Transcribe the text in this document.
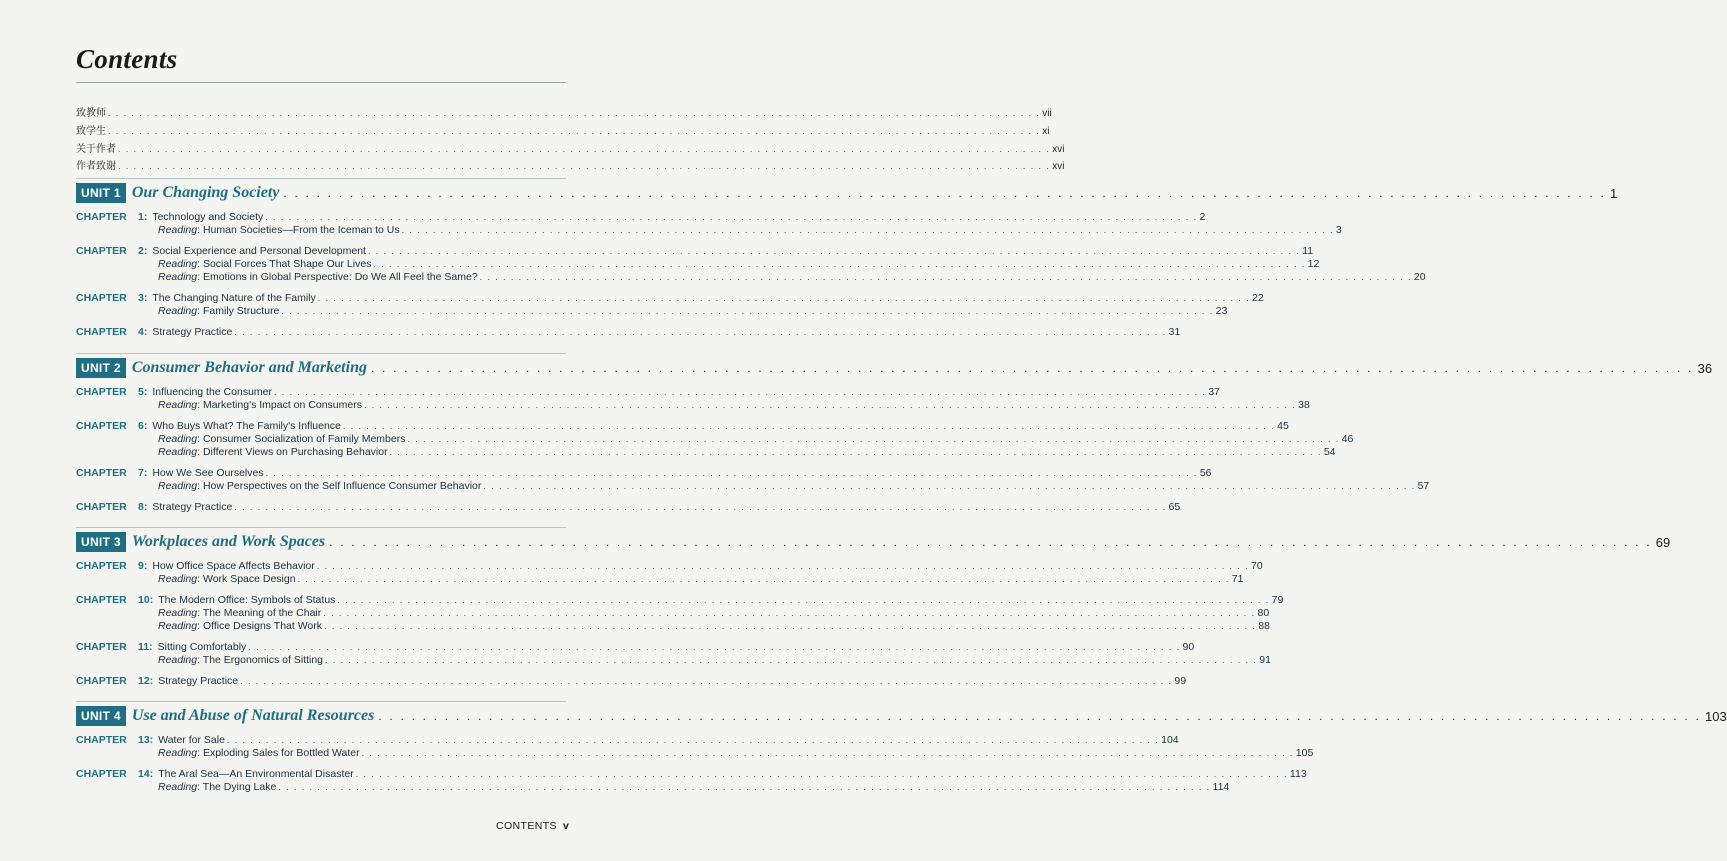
Contents
致教师 . . . . . . . . . . . . . . . . . . . . . . . . . . . . . . . . . . . . . . . . . . . . . . . . . . . . . . . . . . . . . . . . . . . . . . . . . . . . . . . . . . . . . . . . . . . . . . . . . . . . . . . . . . . . . . . . . . . . . . . . vii
致学生 . . . . . . . . . . . . . . . . . . . . . . . . . . . . . . . . . . . . . . . . . . . . . . . . . . . . . . . . . . . . . . . . . . . . . . . . . . . . . . . . . . . . . . . . . . . . . . . . . . . . . . . . . . . . . . . . . . . . . . . . xi
关于作者 . . . . . . . . . . . . . . . . . . . . . . . . . . . . . . . . . . . . . . . . . . . . . . . . . . . . . . . . . . . . . . . . . . . . . . . . . . . . . . . . . . . . . . . . . . . . . . . . . . . . . . . . . . . . . . . . . . . . . . . . xvi
作者致谢 . . . . . . . . . . . . . . . . . . . . . . . . . . . . . . . . . . . . . . . . . . . . . . . . . . . . . . . . . . . . . . . . . . . . . . . . . . . . . . . . . . . . . . . . . . . . . . . . . . . . . . . . . . . . . . . . . . . . . . . . xvi
UNIT 1 Our Changing Society . . . . . . . . . . . . . . . . . . . . . . . . . . . . . . . . . . . . . . . . . . . . . . . . . . . . . . . . . . . . . . . . . . . . . . . . . . . . . . . . . . . . . . . . . . . . . . . . . . . . . . . . . . . . . . . . . . . . . . . . 1
CHAPTER 1: Technology and Society . . . . . . . . . . . . . . . . . . . . . . . . . . . . . . . . . . . . . . . . . . . . . . . . . . . . . . . . . . . . . . . . . . . . . . . . . . . . . . . . . . . . . . . . . . . . . . . . . . . . . . . . . . . . . . . . . . . . . . . . 2
Reading: Human Societies—From the Iceman to Us . . . . . . . . . . . . . . . . . . . . . . . . . . . . . . . . . . . . . . . . . . . . . . . . . . . . . . . . . . . . . . . . . . . . . . . . . . . . . . . . . . . . . . . . . . . . . . . . . . . . . . . . . . . . . . . . . . . . . . . . 3
CHAPTER 2: Social Experience and Personal Development . . . . . . . . . . . . . . . . . . . . . . . . . . . . . . . . . . . . . . . . . . . . . . . . . . . . . . . . . . . . . . . . . . . . . . . . . . . . . . . . . . . . . . . . . . . . . . . . . . . . . . . . . . . . . . . . . . . . . . . . 11
Reading: Social Forces That Shape Our Lives . . . . . . . . . . . . . . . . . . . . . . . . . . . . . . . . . . . . . . . . . . . . . . . . . . . . . . . . . . . . . . . . . . . . . . . . . . . . . . . . . . . . . . . . . . . . . . . . . . . . . . . . . . . . . . . . . . . . . . . . 12
Reading: Emotions in Global Perspective: Do We All Feel the Same? . . . . . . . . . . . . . . . . . . . . . . . . . . . . . . . . . . . . . . . . . . . . . . . . . . . . . . . . . . . . . . . . . . . . . . . . . . . . . . . . . . . . . . . . . . . . . . . . . . . . . . . . . . . . . . . . . . . . . . . . 20
CHAPTER 3: The Changing Nature of the Family . . . . . . . . . . . . . . . . . . . . . . . . . . . . . . . . . . . . . . . . . . . . . . . . . . . . . . . . . . . . . . . . . . . . . . . . . . . . . . . . . . . . . . . . . . . . . . . . . . . . . . . . . . . . . . . . . . . . . . . . 22
Reading: Family Structure . . . . . . . . . . . . . . . . . . . . . . . . . . . . . . . . . . . . . . . . . . . . . . . . . . . . . . . . . . . . . . . . . . . . . . . . . . . . . . . . . . . . . . . . . . . . . . . . . . . . . . . . . . . . . . . . . . . . . . . . 23
CHAPTER 4: Strategy Practice . . . . . . . . . . . . . . . . . . . . . . . . . . . . . . . . . . . . . . . . . . . . . . . . . . . . . . . . . . . . . . . . . . . . . . . . . . . . . . . . . . . . . . . . . . . . . . . . . . . . . . . . . . . . . . . . . . . . . . . . 31
UNIT 2 Consumer Behavior and Marketing . . . . . . . . . . . . . . . . . . . . . . . . . . . . . . . . . . . . . . . . . . . . . . . . . . . . . . . . . . . . . . . . . . . . . . . . . . . . . . . . . . . . . . . . . . . . . . . . . . . . . . . . . . . . . . . . . . . . . . . . 36
CHAPTER 5: Influencing the Consumer . . . . . . . . . . . . . . . . . . . . . . . . . . . . . . . . . . . . . . . . . . . . . . . . . . . . . . . . . . . . . . . . . . . . . . . . . . . . . . . . . . . . . . . . . . . . . . . . . . . . . . . . . . . . . . . . . . . . . . . . 37
Reading: Marketing's Impact on Consumers . . . . . . . . . . . . . . . . . . . . . . . . . . . . . . . . . . . . . . . . . . . . . . . . . . . . . . . . . . . . . . . . . . . . . . . . . . . . . . . . . . . . . . . . . . . . . . . . . . . . . . . . . . . . . . . . . . . . . . . . 38
CHAPTER 6: Who Buys What? The Family's Influence . . . . . . . . . . . . . . . . . . . . . . . . . . . . . . . . . . . . . . . . . . . . . . . . . . . . . . . . . . . . . . . . . . . . . . . . . . . . . . . . . . . . . . . . . . . . . . . . . . . . . . . . . . . . . . . . . . . . . . . . 45
Reading: Consumer Socialization of Family Members . . . . . . . . . . . . . . . . . . . . . . . . . . . . . . . . . . . . . . . . . . . . . . . . . . . . . . . . . . . . . . . . . . . . . . . . . . . . . . . . . . . . . . . . . . . . . . . . . . . . . . . . . . . . . . . . . . . . . . . . 46
Reading: Different Views on Purchasing Behavior . . . . . . . . . . . . . . . . . . . . . . . . . . . . . . . . . . . . . . . . . . . . . . . . . . . . . . . . . . . . . . . . . . . . . . . . . . . . . . . . . . . . . . . . . . . . . . . . . . . . . . . . . . . . . . . . . . . . . . . . 54
CHAPTER 7: How We See Ourselves . . . . . . . . . . . . . . . . . . . . . . . . . . . . . . . . . . . . . . . . . . . . . . . . . . . . . . . . . . . . . . . . . . . . . . . . . . . . . . . . . . . . . . . . . . . . . . . . . . . . . . . . . . . . . . . . . . . . . . . . 56
Reading: How Perspectives on the Self Influence Consumer Behavior . . . . . . . . . . . . . . . . . . . . . . . . . . . . . . . . . . . . . . . . . . . . . . . . . . . . . . . . . . . . . . . . . . . . . . . . . . . . . . . . . . . . . . . . . . . . . . . . . . . . . . . . . . . . . . . . . . . . . . . . 57
CHAPTER 8: Strategy Practice . . . . . . . . . . . . . . . . . . . . . . . . . . . . . . . . . . . . . . . . . . . . . . . . . . . . . . . . . . . . . . . . . . . . . . . . . . . . . . . . . . . . . . . . . . . . . . . . . . . . . . . . . . . . . . . . . . . . . . . . 65
UNIT 3 Workplaces and Work Spaces . . . . . . . . . . . . . . . . . . . . . . . . . . . . . . . . . . . . . . . . . . . . . . . . . . . . . . . . . . . . . . . . . . . . . . . . . . . . . . . . . . . . . . . . . . . . . . . . . . . . . . . . . . . . . . . . . . . . . . . . 69
CHAPTER 9: How Office Space Affects Behavior . . . . . . . . . . . . . . . . . . . . . . . . . . . . . . . . . . . . . . . . . . . . . . . . . . . . . . . . . . . . . . . . . . . . . . . . . . . . . . . . . . . . . . . . . . . . . . . . . . . . . . . . . . . . . . . . . . . . . . . . 70
Reading: Work Space Design . . . . . . . . . . . . . . . . . . . . . . . . . . . . . . . . . . . . . . . . . . . . . . . . . . . . . . . . . . . . . . . . . . . . . . . . . . . . . . . . . . . . . . . . . . . . . . . . . . . . . . . . . . . . . . . . . . . . . . . . 71
CHAPTER 10: The Modern Office: Symbols of Status . . . . . . . . . . . . . . . . . . . . . . . . . . . . . . . . . . . . . . . . . . . . . . . . . . . . . . . . . . . . . . . . . . . . . . . . . . . . . . . . . . . . . . . . . . . . . . . . . . . . . . . . . . . . . . . . . . . . . . . . 79
Reading: The Meaning of the Chair . . . . . . . . . . . . . . . . . . . . . . . . . . . . . . . . . . . . . . . . . . . . . . . . . . . . . . . . . . . . . . . . . . . . . . . . . . . . . . . . . . . . . . . . . . . . . . . . . . . . . . . . . . . . . . . . . . . . . . . . 80
Reading: Office Designs That Work . . . . . . . . . . . . . . . . . . . . . . . . . . . . . . . . . . . . . . . . . . . . . . . . . . . . . . . . . . . . . . . . . . . . . . . . . . . . . . . . . . . . . . . . . . . . . . . . . . . . . . . . . . . . . . . . . . . . . . . . 88
CHAPTER 11: Sitting Comfortably . . . . . . . . . . . . . . . . . . . . . . . . . . . . . . . . . . . . . . . . . . . . . . . . . . . . . . . . . . . . . . . . . . . . . . . . . . . . . . . . . . . . . . . . . . . . . . . . . . . . . . . . . . . . . . . . . . . . . . . . 90
Reading: The Ergonomics of Sitting . . . . . . . . . . . . . . . . . . . . . . . . . . . . . . . . . . . . . . . . . . . . . . . . . . . . . . . . . . . . . . . . . . . . . . . . . . . . . . . . . . . . . . . . . . . . . . . . . . . . . . . . . . . . . . . . . . . . . . . . 91
CHAPTER 12: Strategy Practice . . . . . . . . . . . . . . . . . . . . . . . . . . . . . . . . . . . . . . . . . . . . . . . . . . . . . . . . . . . . . . . . . . . . . . . . . . . . . . . . . . . . . . . . . . . . . . . . . . . . . . . . . . . . . . . . . . . . . . . . 99
UNIT 4 Use and Abuse of Natural Resources . . . . . . . . . . . . . . . . . . . . . . . . . . . . . . . . . . . . . . . . . . . . . . . . . . . . . . . . . . . . . . . . . . . . . . . . . . . . . . . . . . . . . . . . . . . . . . . . . . . . . . . . . . . . . . . . . . . . . . . . 103
CHAPTER 13: Water for Sale . . . . . . . . . . . . . . . . . . . . . . . . . . . . . . . . . . . . . . . . . . . . . . . . . . . . . . . . . . . . . . . . . . . . . . . . . . . . . . . . . . . . . . . . . . . . . . . . . . . . . . . . . . . . . . . . . . . . . . . . 104
Reading: Exploding Sales for Bottled Water . . . . . . . . . . . . . . . . . . . . . . . . . . . . . . . . . . . . . . . . . . . . . . . . . . . . . . . . . . . . . . . . . . . . . . . . . . . . . . . . . . . . . . . . . . . . . . . . . . . . . . . . . . . . . . . . . . . . . . . . 105
CHAPTER 14: The Aral Sea—An Environmental Disaster . . . . . . . . . . . . . . . . . . . . . . . . . . . . . . . . . . . . . . . . . . . . . . . . . . . . . . . . . . . . . . . . . . . . . . . . . . . . . . . . . . . . . . . . . . . . . . . . . . . . . . . . . . . . . . . . . . . . . . . . 113
Reading: The Dying Lake . . . . . . . . . . . . . . . . . . . . . . . . . . . . . . . . . . . . . . . . . . . . . . . . . . . . . . . . . . . . . . . . . . . . . . . . . . . . . . . . . . . . . . . . . . . . . . . . . . . . . . . . . . . . . . . . . . . . . . . . 114
CONTENTS v
